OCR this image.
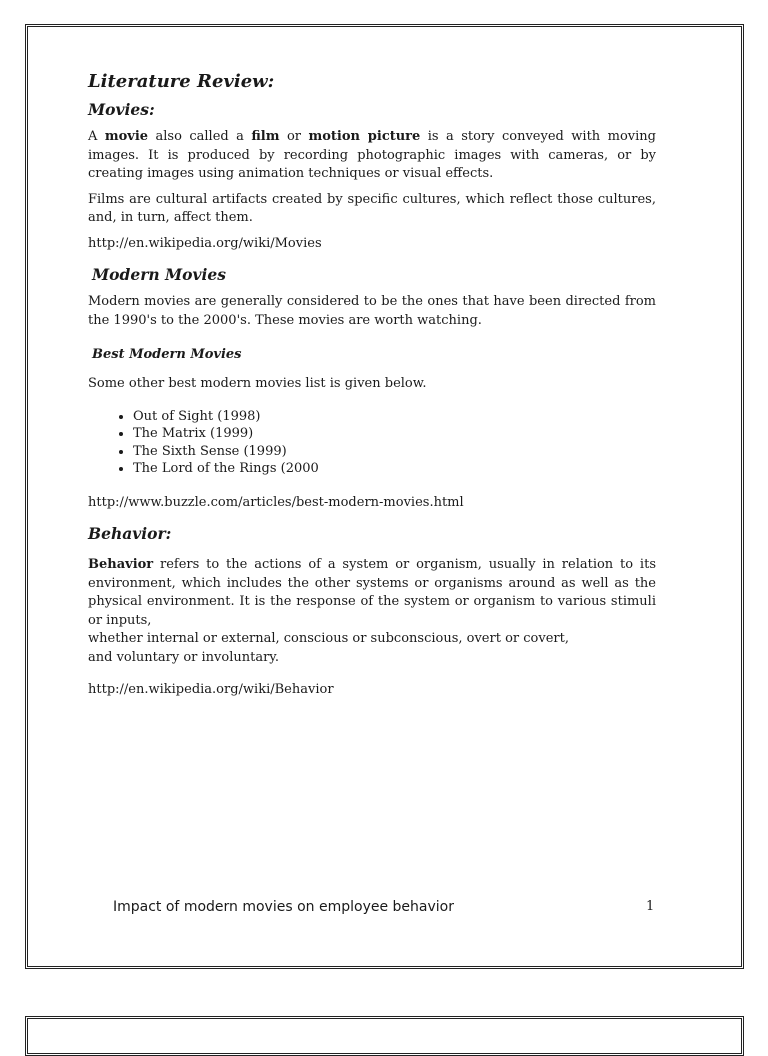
Literature Review:
Movies:

A movie also called a film or motion picture is a story conveyed with moving images. It is produced by recording photographic images with cameras, or by creating images using animation techniques or visual effects.

Films are cultural artifacts created by specific cultures, which reflect those cultures, and, in turn, affect them.

http://en.wikipedia.org/wiki/Movies

Modern Movies

Modern movies are generally considered to be the ones that have been directed from the 1990's to the 2000's. These movies are worth watching.

Best Modern Movies

Some other best modern movies list is given below.

• Out of Sight (1998)
• The Matrix (1999)
• The Sixth Sense (1999)
• The Lord of the Rings (2000

http://www.buzzle.com/articles/best-modern-movies.html

Behavior:

Behavior refers to the actions of a system or organism, usually in relation to its environment, which includes the other systems or organisms around as well as the physical environment. It is the response of the system or organism to various stimuli or inputs,

whether internal or external, conscious or subconscious, overt or covert,

and voluntary or involuntary.

http://en.wikipedia.org/wiki/Behavior

Impact of modern movies on employee behavior	1
